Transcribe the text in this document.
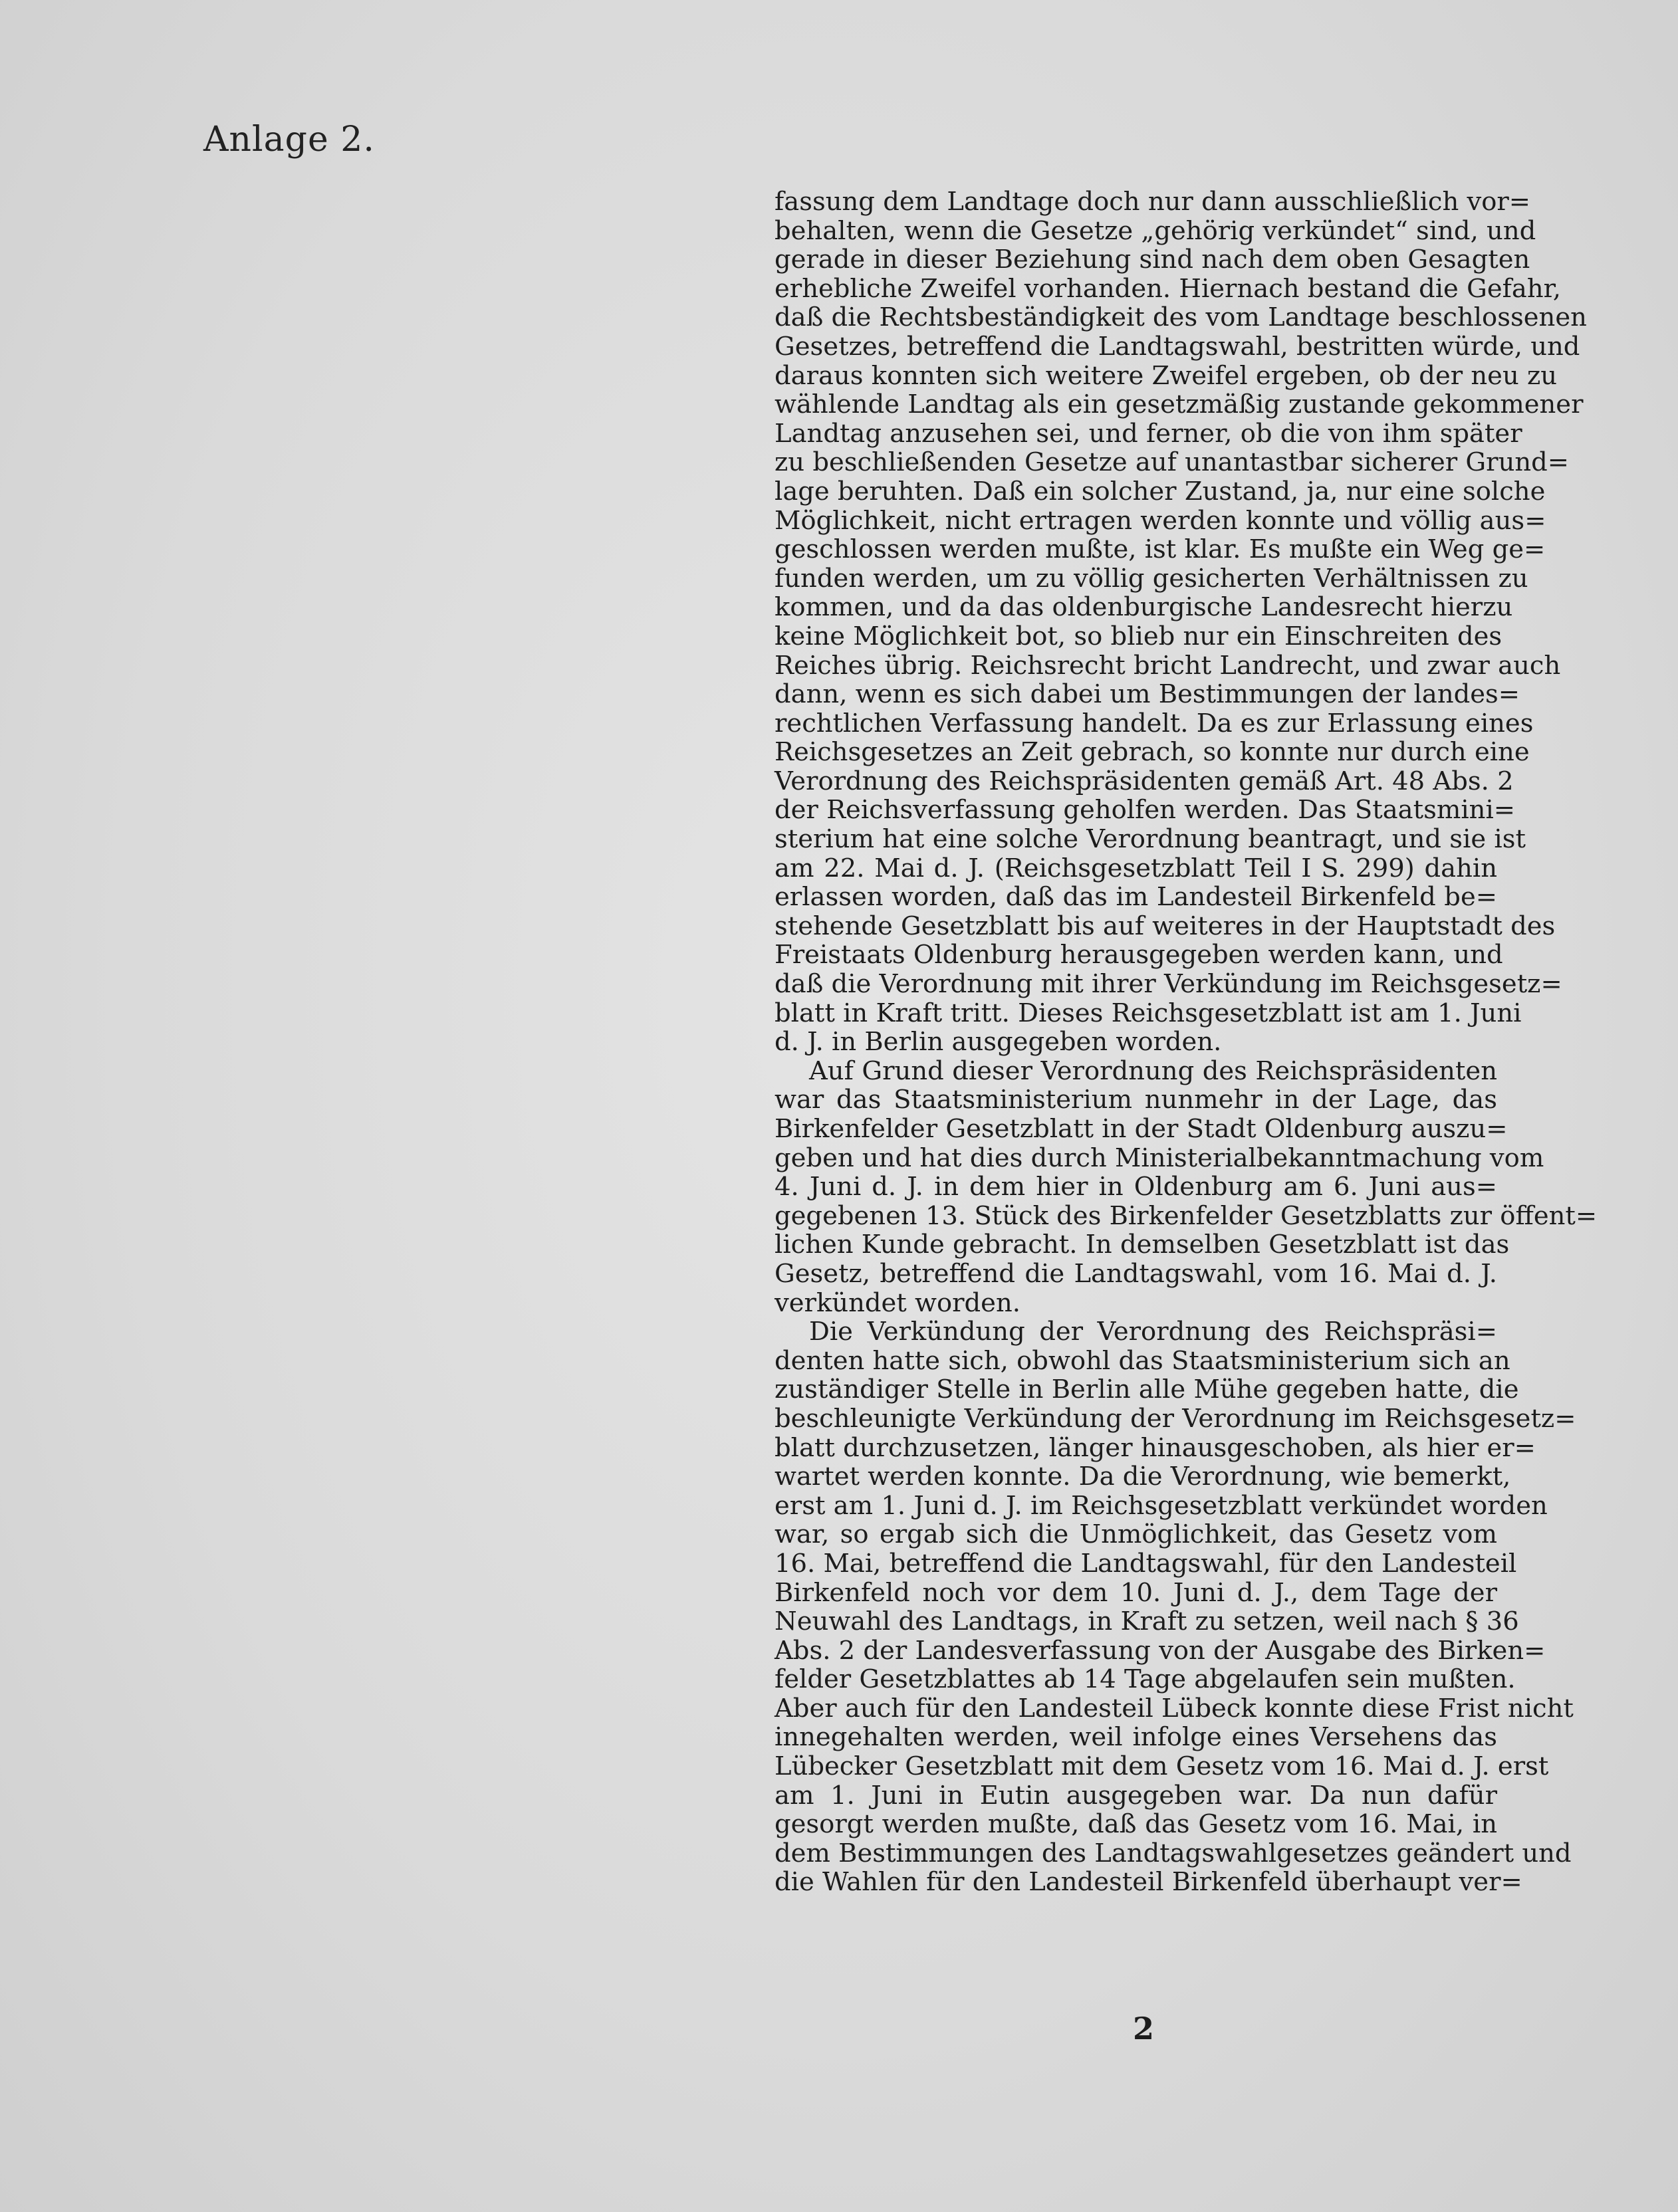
Anlage 2.
fassung dem Landtage doch nur dann ausschließlich vor=
behalten, wenn die Gesetze „gehörig verkündet“ sind, und
gerade in dieser Beziehung sind nach dem oben Gesagten
erhebliche Zweifel vorhanden. Hiernach bestand die Gefahr,
daß die Rechtsbeständigkeit des vom Landtage beschlossenen
Gesetzes, betreffend die Landtagswahl, bestritten würde, und
daraus konnten sich weitere Zweifel ergeben, ob der neu zu
wählende Landtag als ein gesetzmäßig zustande gekommener
Landtag anzusehen sei, und ferner, ob die von ihm später
zu beschließenden Gesetze auf unantastbar sicherer Grund=
lage beruhten. Daß ein solcher Zustand, ja, nur eine solche
Möglichkeit, nicht ertragen werden konnte und völlig aus=
geschlossen werden mußte, ist klar. Es mußte ein Weg ge=
funden werden, um zu völlig gesicherten Verhältnissen zu
kommen, und da das oldenburgische Landesrecht hierzu
keine Möglichkeit bot, so blieb nur ein Einschreiten des
Reiches übrig. Reichsrecht bricht Landrecht, und zwar auch
dann, wenn es sich dabei um Bestimmungen der landes=
rechtlichen Verfassung handelt. Da es zur Erlassung eines
Reichsgesetzes an Zeit gebrach, so konnte nur durch eine
Verordnung des Reichspräsidenten gemäß Art. 48 Abs. 2
der Reichsverfassung geholfen werden. Das Staatsmini=
sterium hat eine solche Verordnung beantragt, und sie ist
am 22. Mai d. J. (Reichsgesetzblatt Teil I S. 299) dahin
erlassen worden, daß das im Landesteil Birkenfeld be=
stehende Gesetzblatt bis auf weiteres in der Hauptstadt des
Freistaats Oldenburg herausgegeben werden kann, und
daß die Verordnung mit ihrer Verkündung im Reichsgesetz=
blatt in Kraft tritt. Dieses Reichsgesetzblatt ist am 1. Juni
d. J. in Berlin ausgegeben worden.
Auf Grund dieser Verordnung des Reichspräsidenten
war das Staatsministerium nunmehr in der Lage, das
Birkenfelder Gesetzblatt in der Stadt Oldenburg auszu=
geben und hat dies durch Ministerialbekanntmachung vom
4. Juni d. J. in dem hier in Oldenburg am 6. Juni aus=
gegebenen 13. Stück des Birkenfelder Gesetzblatts zur öffent=
lichen Kunde gebracht. In demselben Gesetzblatt ist das
Gesetz, betreffend die Landtagswahl, vom 16. Mai d. J.
verkündet worden.
Die Verkündung der Verordnung des Reichspräsi=
denten hatte sich, obwohl das Staatsministerium sich an
zuständiger Stelle in Berlin alle Mühe gegeben hatte, die
beschleunigte Verkündung der Verordnung im Reichsgesetz=
blatt durchzusetzen, länger hinausgeschoben, als hier er=
wartet werden konnte. Da die Verordnung, wie bemerkt,
erst am 1. Juni d. J. im Reichsgesetzblatt verkündet worden
war, so ergab sich die Unmöglichkeit, das Gesetz vom
16. Mai, betreffend die Landtagswahl, für den Landesteil
Birkenfeld noch vor dem 10. Juni d. J., dem Tage der
Neuwahl des Landtags, in Kraft zu setzen, weil nach § 36
Abs. 2 der Landesverfassung von der Ausgabe des Birken=
felder Gesetzblattes ab 14 Tage abgelaufen sein mußten.
Aber auch für den Landesteil Lübeck konnte diese Frist nicht
innegehalten werden, weil infolge eines Versehens das
Lübecker Gesetzblatt mit dem Gesetz vom 16. Mai d. J. erst
am 1. Juni in Eutin ausgegeben war. Da nun dafür
gesorgt werden mußte, daß das Gesetz vom 16. Mai, in
dem Bestimmungen des Landtagswahlgesetzes geändert und
die Wahlen für den Landesteil Birkenfeld überhaupt ver=
2
